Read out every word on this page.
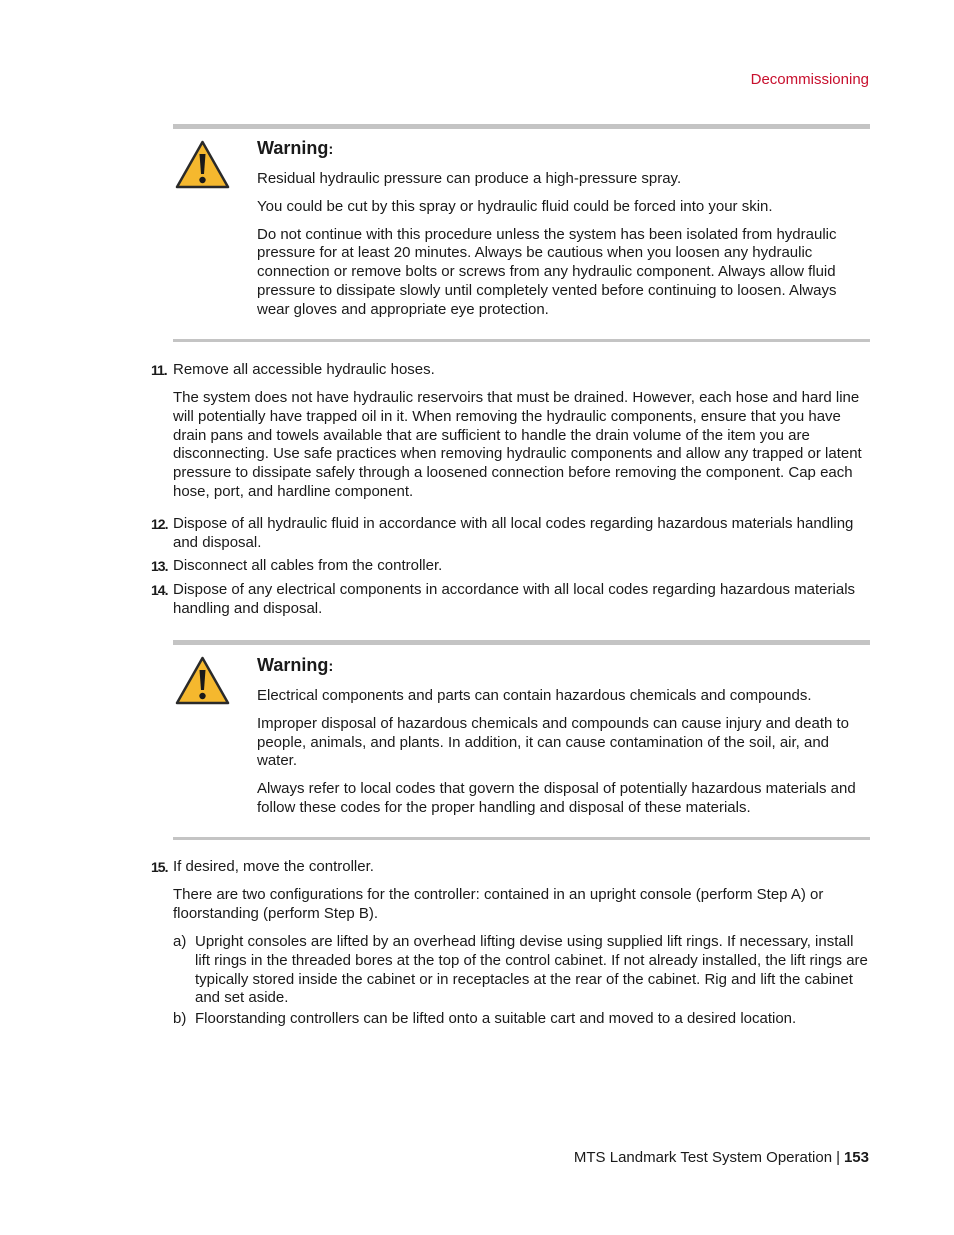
Decommissioning
Warning:

Residual hydraulic pressure can produce a high-pressure spray.

You could be cut by this spray or hydraulic fluid could be forced into your skin.

Do not continue with this procedure unless the system has been isolated from hydraulic pressure for at least 20 minutes. Always be cautious when you loosen any hydraulic connection or remove bolts or screws from any hydraulic component. Always allow fluid pressure to dissipate slowly until completely vented before continuing to loosen. Always wear gloves and appropriate eye protection.

11. Remove all accessible hydraulic hoses.

The system does not have hydraulic reservoirs that must be drained. However, each hose and hard line will potentially have trapped oil in it. When removing the hydraulic components, ensure that you have drain pans and towels available that are sufficient to handle the drain volume of the item you are disconnecting. Use safe practices when removing hydraulic components and allow any trapped or latent pressure to dissipate safely through a loosened connection before removing the component. Cap each hose, port, and hardline component.

12. Dispose of all hydraulic fluid in accordance with all local codes regarding hazardous materials handling and disposal.
13. Disconnect all cables from the controller.
14. Dispose of any electrical components in accordance with all local codes regarding hazardous materials handling and disposal.
Warning:

Electrical components and parts can contain hazardous chemicals and compounds.

Improper disposal of hazardous chemicals and compounds can cause injury and death to people, animals, and plants. In addition, it can cause contamination of the soil, air, and water.

Always refer to local codes that govern the disposal of potentially hazardous materials and follow these codes for the proper handling and disposal of these materials.

15. If desired, move the controller.

There are two configurations for the controller: contained in an upright console (perform Step A) or floorstanding (perform Step B).

a) Upright consoles are lifted by an overhead lifting devise using supplied lift rings. If necessary, install lift rings in the threaded bores at the top of the control cabinet. If not already installed, the lift rings are typically stored inside the cabinet or in receptacles at the rear of the cabinet. Rig and lift the cabinet and set aside.
b) Floorstanding controllers can be lifted onto a suitable cart and moved to a desired location.
MTS Landmark Test System Operation | 153
